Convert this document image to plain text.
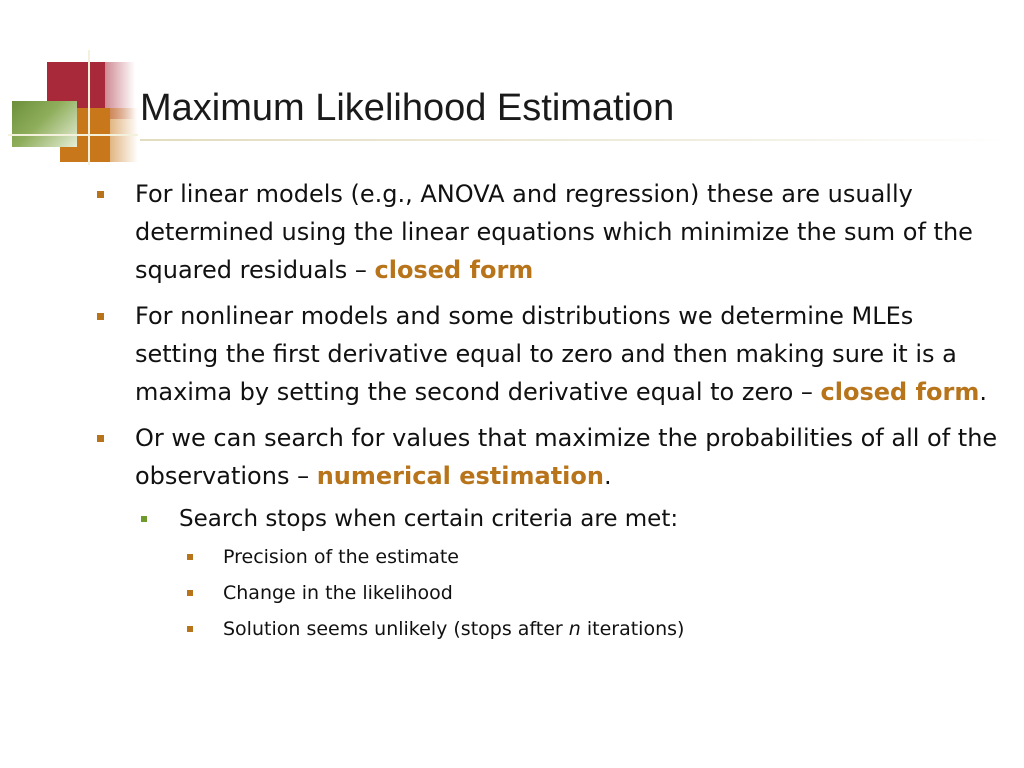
Maximum Likelihood Estimation
For linear models (e.g., ANOVA and regression) these are usually determined using the linear equations which minimize the sum of the squared residuals – closed form
For nonlinear models and some distributions we determine MLEs setting the first derivative equal to zero and then making sure it is a maxima by setting the second derivative equal to zero – closed form.
Or we can search for values that maximize the probabilities of all of the observations – numerical estimation.
Search stops when certain criteria are met:
Precision of the estimate
Change in the likelihood
Solution seems unlikely (stops after n iterations)
